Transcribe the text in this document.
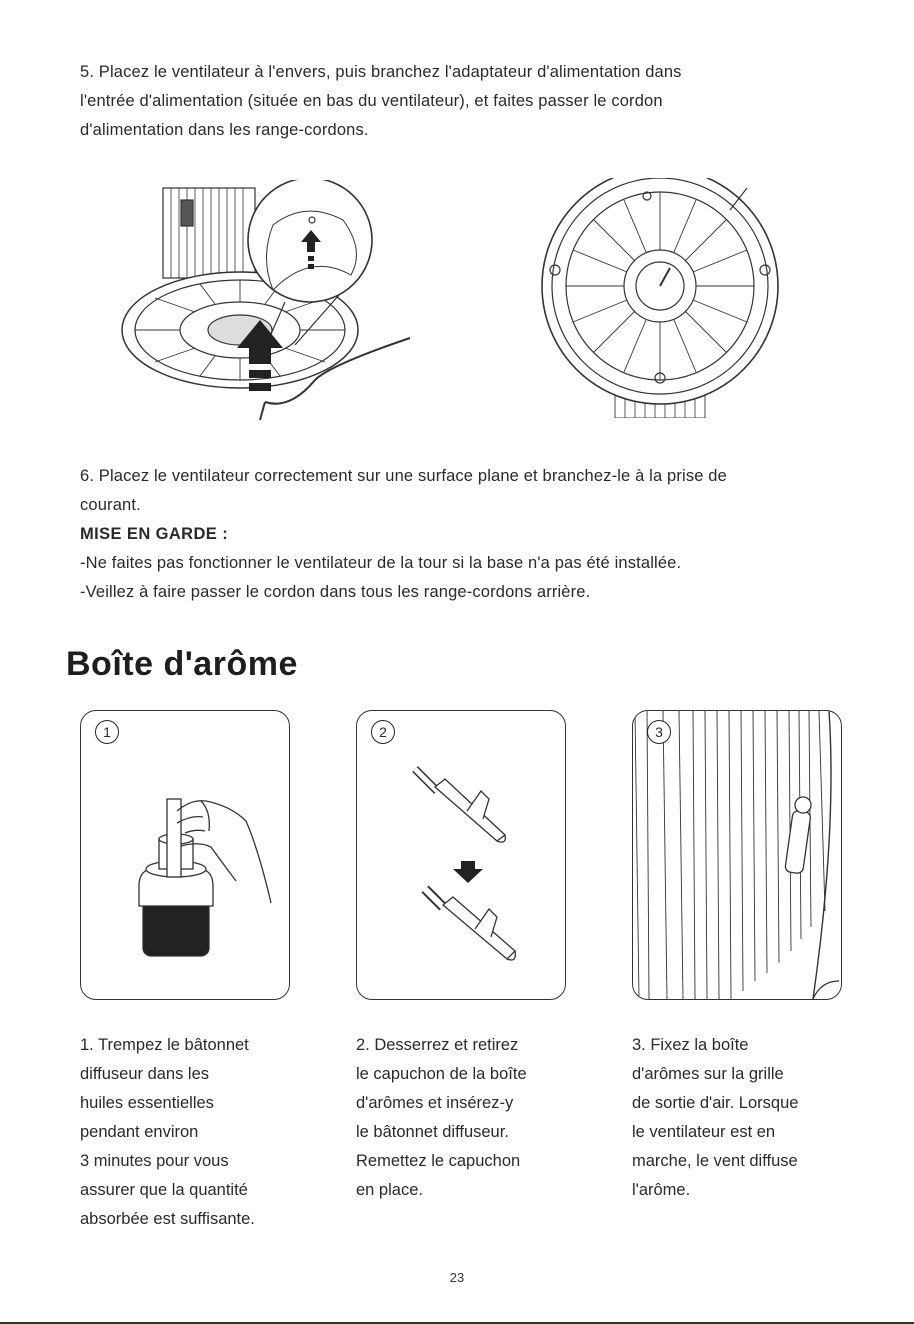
5. Placez le ventilateur à l'envers, puis branchez l'adaptateur d'alimentation dans
l'entrée d'alimentation (située en bas du ventilateur), et faites passer le cordon
d'alimentation dans les range-cordons.
6. Placez le ventilateur correctement sur une surface plane et branchez-le à la prise de
courant.
MISE EN GARDE :
-Ne faites pas fonctionner le ventilateur de la tour si la base n'a pas été installée.
-Veillez à faire passer le cordon dans tous les range-cordons arrière.
Boîte d'arôme
1	2	3
1. Trempez le bâtonnet
diffuseur dans les
huiles essentielles
pendant environ
3 minutes pour vous
assurer que la quantité
absorbée est suffisante.
2. Desserrez et retirez
le capuchon de la boîte
d'arômes et insérez-y
le bâtonnet diffuseur.
Remettez le capuchon
en place.
3. Fixez la boîte
d'arômes sur la grille
de sortie d'air. Lorsque
le ventilateur est en
marche, le vent diffuse
l'arôme.
23
